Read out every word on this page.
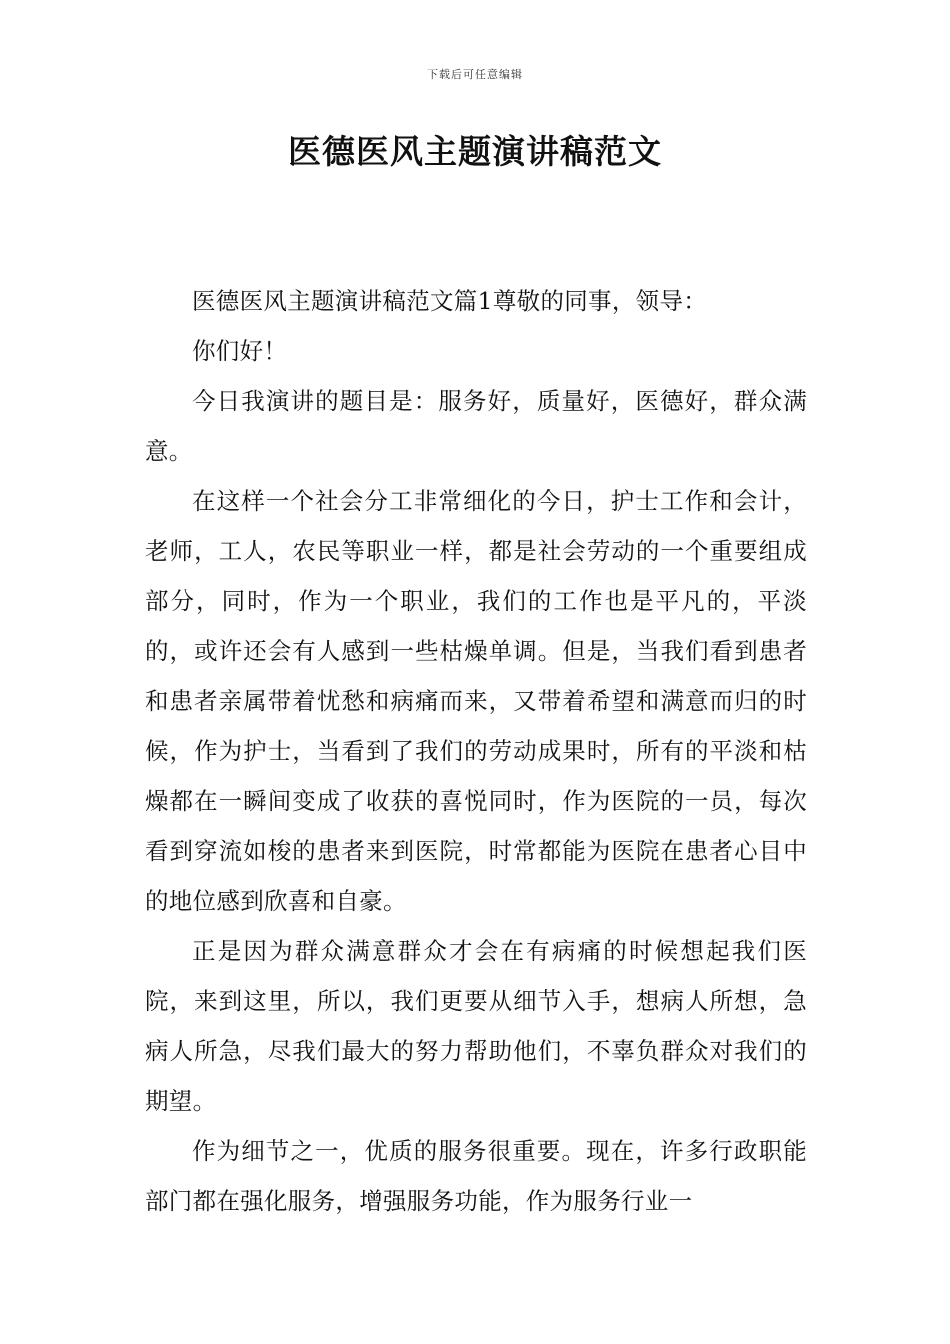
下载后可任意编辑
医德医风主题演讲稿范文

医德医风主题演讲稿范文篇1尊敬的同事，领导：

你们好！

今日我演讲的题目是：服务好，质量好，医德好，群众满意。

在这样一个社会分工非常细化的今日，护士工作和会计，老师，工人，农民等职业一样，都是社会劳动的一个重要组成部分，同时，作为一个职业，我们的工作也是平凡的，平淡的，或许还会有人感到一些枯燥单调。但是，当我们看到患者和患者亲属带着忧愁和病痛而来，又带着希望和满意而归的时候，作为护士，当看到了我们的劳动成果时，所有的平淡和枯燥都在一瞬间变成了收获的喜悦同时，作为医院的一员，每次看到穿流如梭的患者来到医院，时常都能为医院在患者心目中的地位感到欣喜和自豪。

正是因为群众满意群众才会在有病痛的时候想起我们医院，来到这里，所以，我们更要从细节入手，想病人所想，急病人所急，尽我们最大的努力帮助他们，不辜负群众对我们的期望。

作为细节之一，优质的服务很重要。现在，许多行政职能部门都在强化服务，增强服务功能，作为服务行业一
